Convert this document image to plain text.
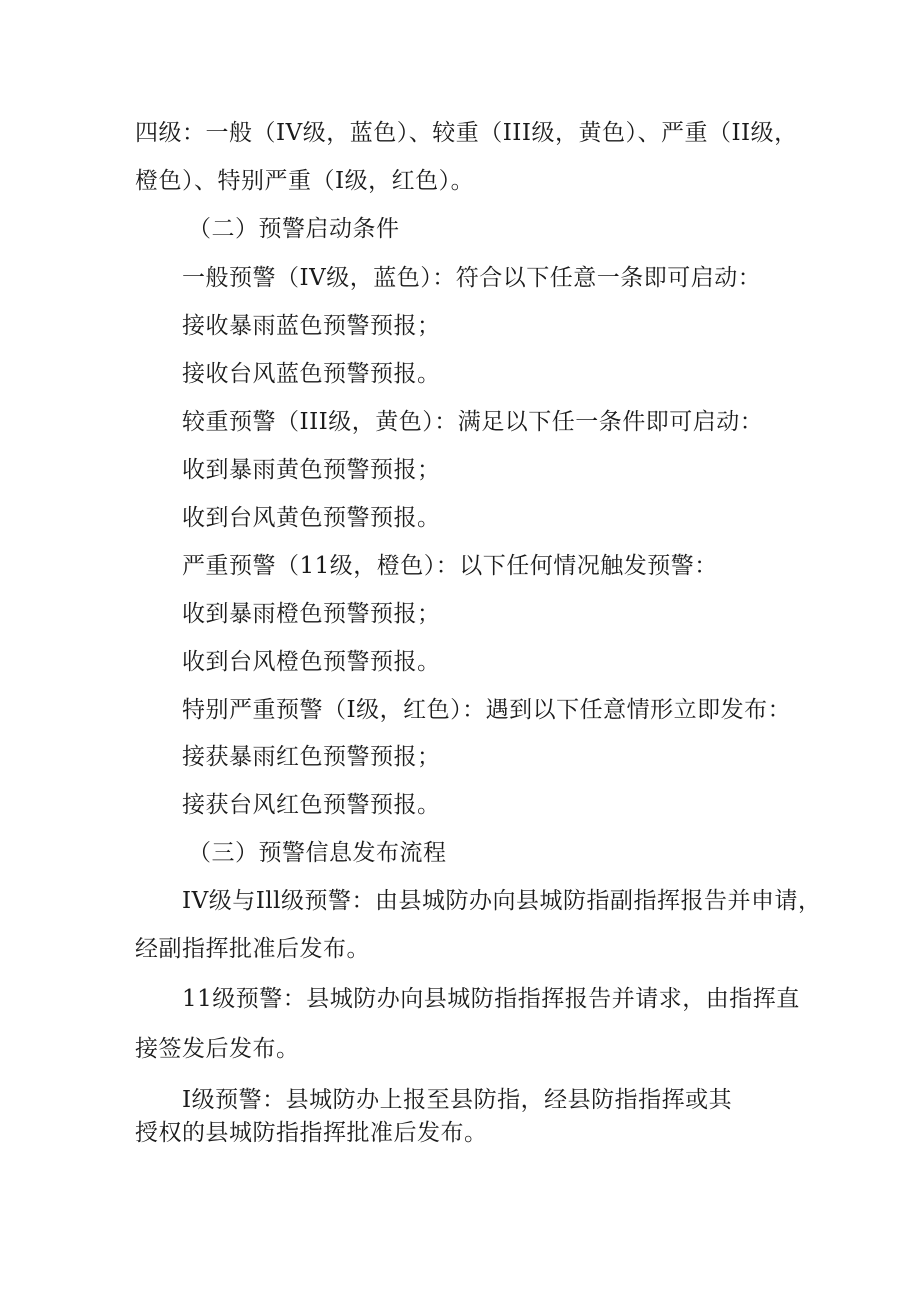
四级：一般（IV级，蓝色）、较重（III级，黄色）、严重（II级，
橙色）、特别严重（I级，红色）。
（二）预警启动条件
一般预警（IV级，蓝色）：符合以下任意一条即可启动：
接收暴雨蓝色预警预报；
接收台风蓝色预警预报。
较重预警（III级，黄色）：满足以下任一条件即可启动：
收到暴雨黄色预警预报；
收到台风黄色预警预报。
严重预警（11级，橙色）：以下任何情况触发预警：
收到暴雨橙色预警预报；
收到台风橙色预警预报。
特别严重预警（I级，红色）：遇到以下任意情形立即发布：
接获暴雨红色预警预报；
接获台风红色预警预报。
（三）预警信息发布流程
IV级与Ill级预警：由县城防办向县城防指副指挥报告并申请，
经副指挥批准后发布。
11级预警：县城防办向县城防指指挥报告并请求，由指挥直
接签发后发布。
I级预警：县城防办上报至县防指，经县防指指挥或其
授权的县城防指指挥批准后发布。
